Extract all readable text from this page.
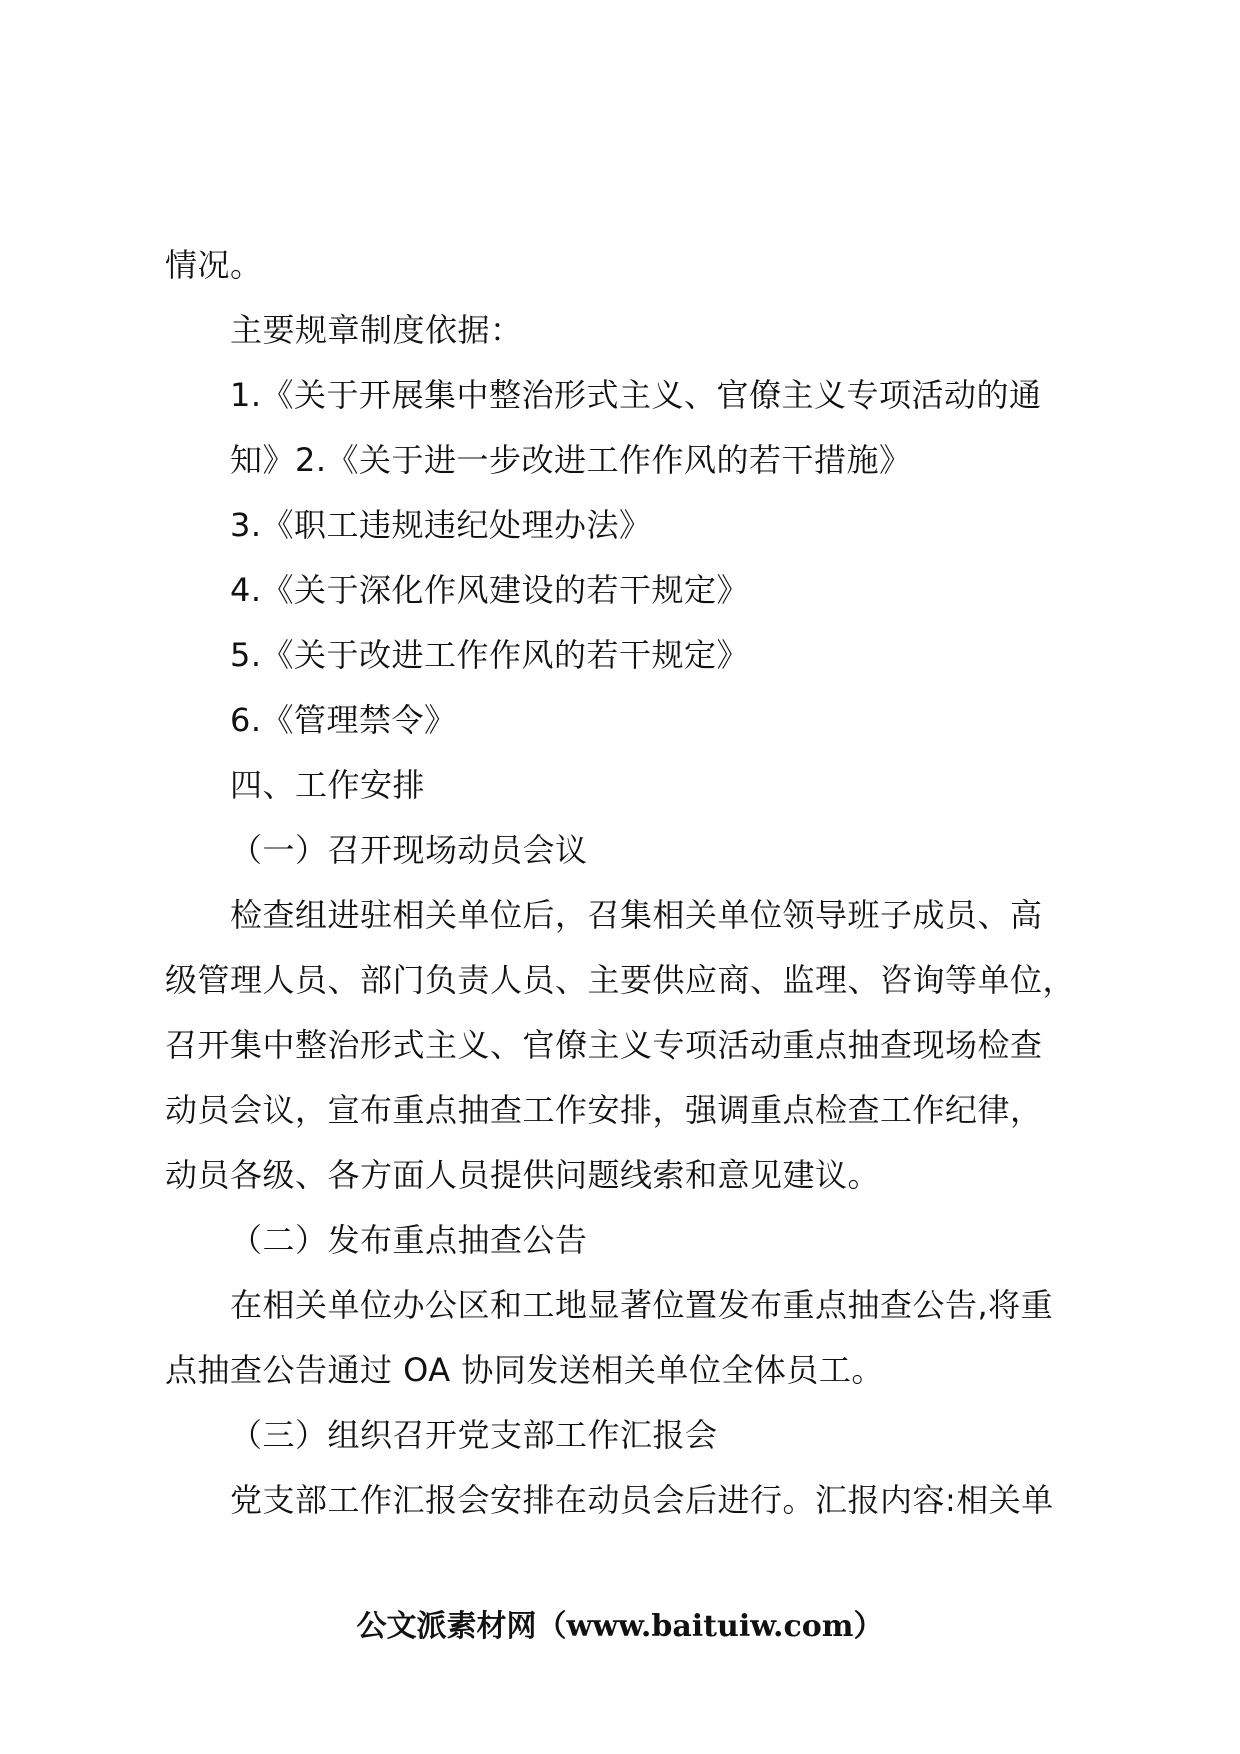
情况。
主要规章制度依据：
1.《关于开展集中整治形式主义、官僚主义专项活动的通
知》2.《关于进一步改进工作作风的若干措施》
3.《职工违规违纪处理办法》
4.《关于深化作风建设的若干规定》
5.《关于改进工作作风的若干规定》
6.《管理禁令》
四、工作安排
（一）召开现场动员会议
检查组进驻相关单位后，召集相关单位领导班子成员、高
级管理人员、部门负责人员、主要供应商、监理、咨询等单位，
召开集中整治形式主义、官僚主义专项活动重点抽查现场检查
动员会议，宣布重点抽查工作安排，强调重点检查工作纪律，
动员各级、各方面人员提供问题线索和意见建议。
（二）发布重点抽查公告
在相关单位办公区和工地显著位置发布重点抽查公告,将重
点抽查公告通过 OA 协同发送相关单位全体员工。
（三）组织召开党支部工作汇报会
党支部工作汇报会安排在动员会后进行。汇报内容:相关单
公文派素材网（www.baituiw.com）
